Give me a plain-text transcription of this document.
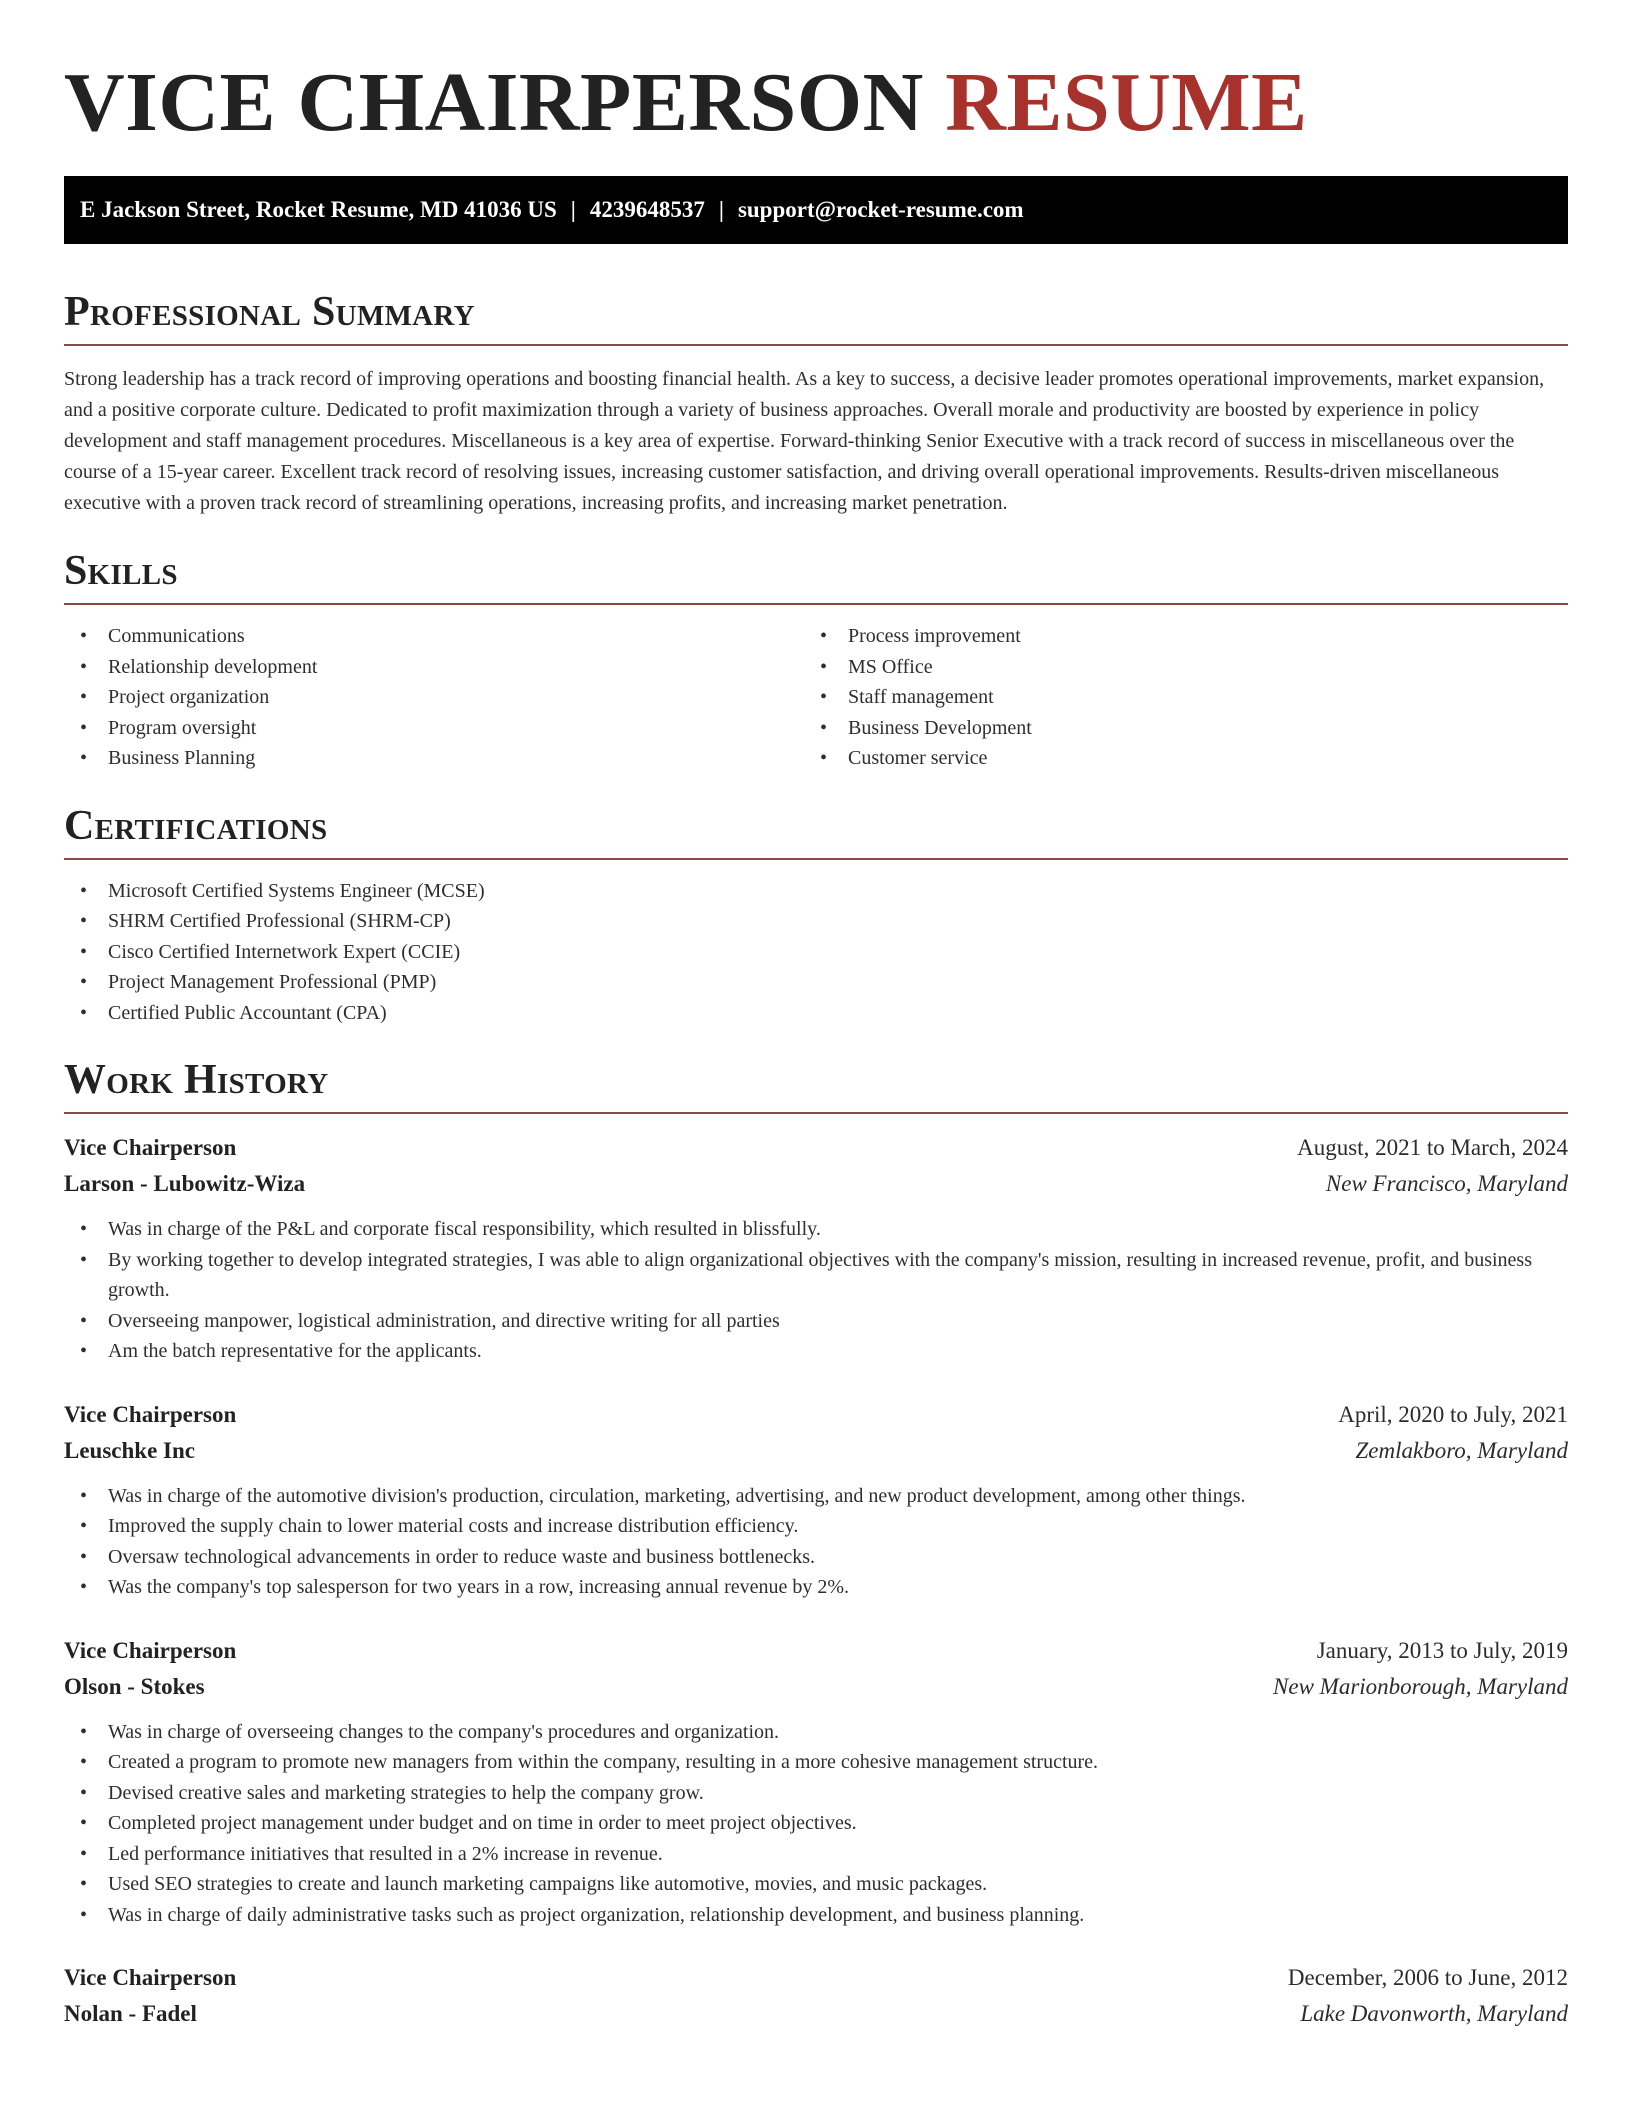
VICE CHAIRPERSON RESUME
E Jackson Street, Rocket Resume, MD 41036 US | 4239648537 | support@rocket-resume.com
Professional Summary

Strong leadership has a track record of improving operations and boosting financial health. As a key to success, a decisive leader promotes operational improvements, market expansion, and a positive corporate culture. Dedicated to profit maximization through a variety of business approaches. Overall morale and productivity are boosted by experience in policy development and staff management procedures. Miscellaneous is a key area of expertise. Forward-thinking Senior Executive with a track record of success in miscellaneous over the course of a 15-year career. Excellent track record of resolving issues, increasing customer satisfaction, and driving overall operational improvements. Results-driven miscellaneous executive with a proven track record of streamlining operations, increasing profits, and increasing market penetration.

Skills
• Communications
• Relationship development
• Project organization
• Program oversight
• Business Planning
• Process improvement
• MS Office
• Staff management
• Business Development
• Customer service
Certifications
• Microsoft Certified Systems Engineer (MCSE)
• SHRM Certified Professional (SHRM-CP)
• Cisco Certified Internetwork Expert (CCIE)
• Project Management Professional (PMP)
• Certified Public Accountant (CPA)
Work History
Vice Chairperson	August, 2021 to March, 2024
Larson - Lubowitz-Wiza	New Francisco, Maryland
• Was in charge of the P&L and corporate fiscal responsibility, which resulted in blissfully.
• By working together to develop integrated strategies, I was able to align organizational objectives with the company's mission, resulting in increased revenue, profit, and business growth.
• Overseeing manpower, logistical administration, and directive writing for all parties
• Am the batch representative for the applicants.
Vice Chairperson	April, 2020 to July, 2021
Leuschke Inc	Zemlakboro, Maryland
• Was in charge of the automotive division's production, circulation, marketing, advertising, and new product development, among other things.
• Improved the supply chain to lower material costs and increase distribution efficiency.
• Oversaw technological advancements in order to reduce waste and business bottlenecks.
• Was the company's top salesperson for two years in a row, increasing annual revenue by 2%.
Vice Chairperson	January, 2013 to July, 2019
Olson - Stokes	New Marionborough, Maryland
• Was in charge of overseeing changes to the company's procedures and organization.
• Created a program to promote new managers from within the company, resulting in a more cohesive management structure.
• Devised creative sales and marketing strategies to help the company grow.
• Completed project management under budget and on time in order to meet project objectives.
• Led performance initiatives that resulted in a 2% increase in revenue.
• Used SEO strategies to create and launch marketing campaigns like automotive, movies, and music packages.
• Was in charge of daily administrative tasks such as project organization, relationship development, and business planning.
Vice Chairperson	December, 2006 to June, 2012
Nolan - Fadel	Lake Davonworth, Maryland
